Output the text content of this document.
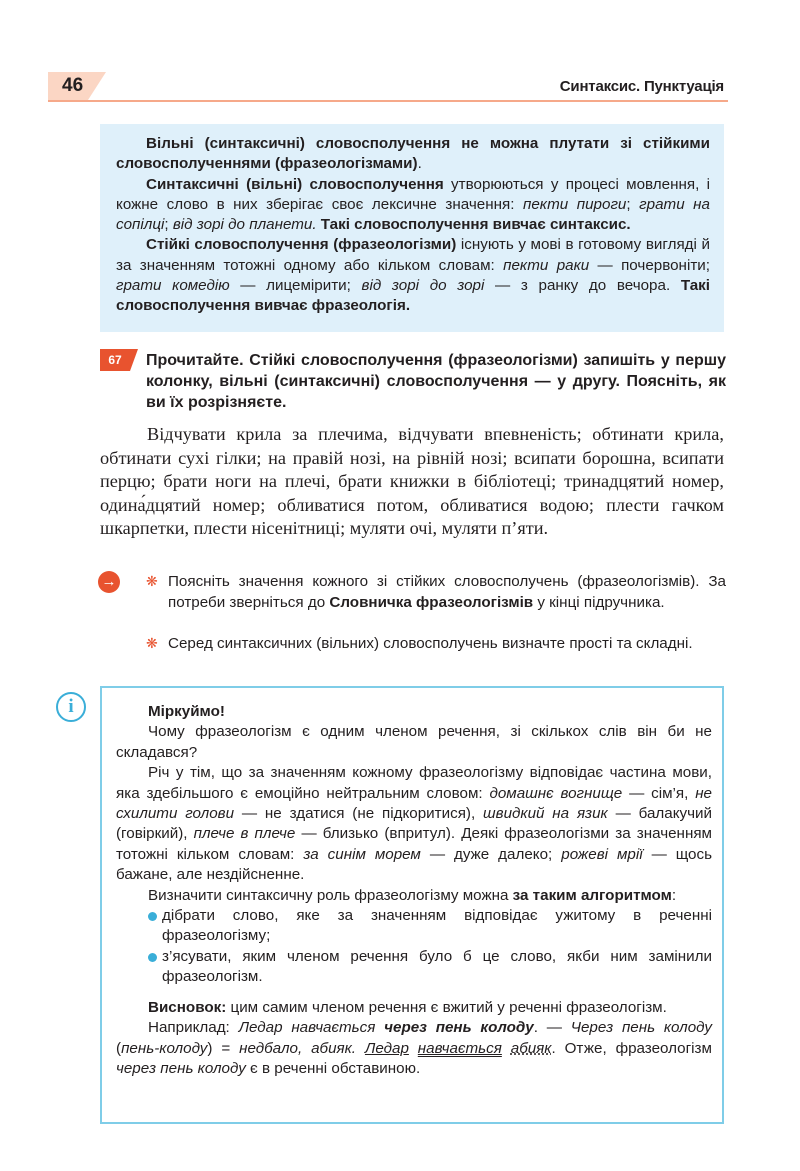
46	Синтаксис. Пунктуація

Вільні (синтаксичні) словосполучення не можна плутати зі стійкими словосполученнями (фразеологізмами).

Синтаксичні (вільні) словосполучення утворюються у процесі мовлення, і кожне слово в них зберігає своє лексичне значення: пекти пироги; грати на сопілці; від зорі до планети. Такі словосполучення вивчає синтаксис.

Стійкі словосполучення (фразеологізми) існують у мові в готовому вигляді й за значенням тотожні одному або кільком словам: пекти раки — почервоніти; грати комедію — лицемірити; від зорі до зорі — з ранку до вечора. Такі словосполучення вивчає фразеологія.

67	Прочитайте. Стійкі словосполучення (фразеологізми) запишіть у першу колонку, вільні (синтаксичні) словосполучення — у другу. Поясніть, як ви їх розрізняєте.
Відчувати крила за плечима, відчувати впевненість; обтинати крила, обтинати сухі гілки; на правій нозі, на рівній нозі; всипати борошна, всипати перцю; брати ноги на плечі, брати книжки в бібліотеці; тринадцятий номер, одина́дцятий номер; обливатися потом, обливатися водою; плести гачком шкарпетки, плести нісенітниці; муляти очі, муляти п’яти.
→ ❋ Поясніть значення кожного зі стійких словосполучень (фразеологізмів). За потреби зверніться до Словничка фразеологізмів у кінці підручника.
❋ Серед синтаксичних (вільних) словосполучень визначте прості та складні.
i	Міркуймо!

Чому фразеологізм є одним членом речення, зі скількох слів він би не складався?

Річ у тім, що за значенням кожному фразеологізму відповідає частина мови, яка здебільшого є емоційно нейтральним словом: домашнє вогнище — сім’я, не схилити голови — не здатися (не підкоритися), швидкий на язик — балакучий (говіркий), плече в плече — близько (впритул). Деякі фразеологізми за значенням тотожні кільком словам: за синім морем — дуже далеко; рожеві мрії — щось бажане, але нездійсненне.

Визначити синтаксичну роль фразеологізму можна за таким алгоритмом:

дібрати слово, яке за значенням відповідає ужитому в реченні фразеологізму;

з’ясувати, яким членом речення було б це слово, якби ним замінили фразеологізм.

Висновок: цим самим членом речення є вжитий у реченні фразеологізм.

Наприклад: Ледар навчається через пень колоду. — Через пень колоду (пень-колоду) = недбало, абияк. Ледар навчається абияк. Отже, фразеологізм через пень колоду є в реченні обставиною.
